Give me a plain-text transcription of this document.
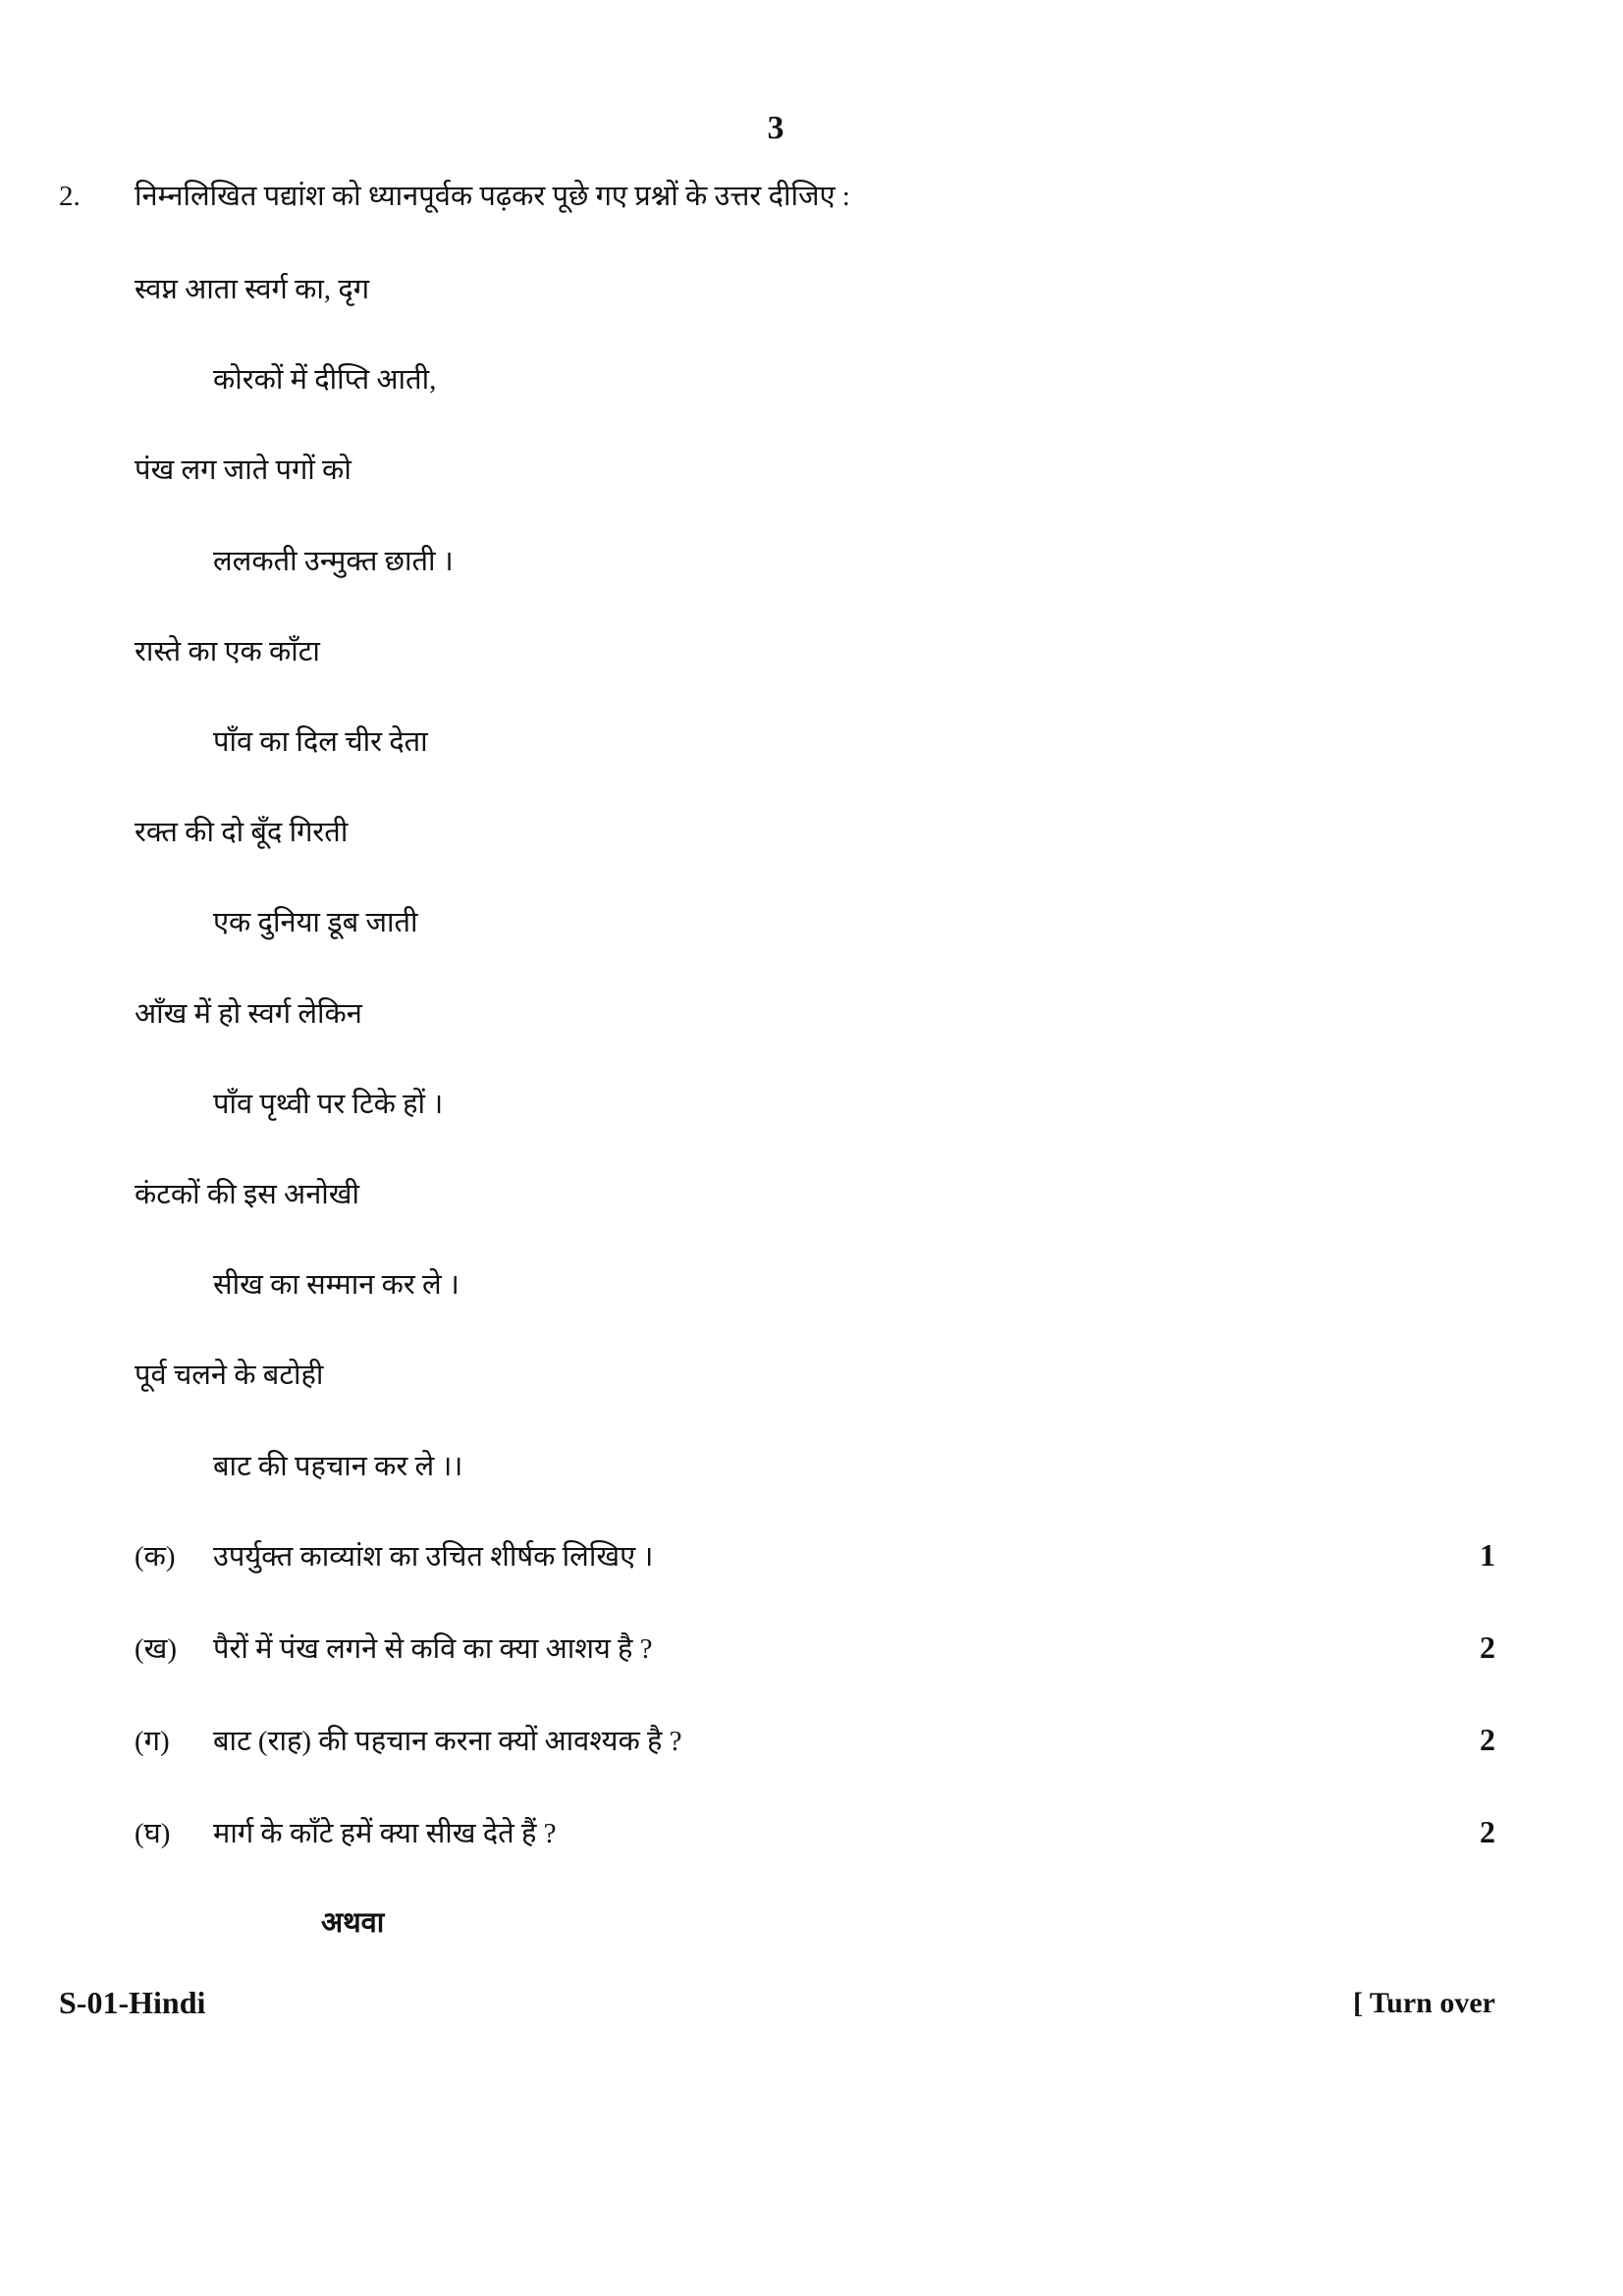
3
2. निम्नलिखित पद्यांश को ध्यानपूर्वक पढ़कर पूछे गए प्रश्नों के उत्तर दीजिए :
स्वप्न आता स्वर्ग का, दृग
कोरकों में दीप्ति आती,
पंख लग जाते पगों को
ललकती उन्मुक्त छाती ।
रास्ते का एक काँटा
पाँव का दिल चीर देता
रक्त की दो बूँद गिरती
एक दुनिया डूब जाती
आँख में हो स्वर्ग लेकिन
पाँव पृथ्वी पर टिके हों ।
कंटकों की इस अनोखी
सीख का सम्मान कर ले ।
पूर्व चलने के बटोही
बाट की पहचान कर ले ।।
(क) उपर्युक्त काव्यांश का उचित शीर्षक लिखिए ।	1
(ख) पैरों में पंख लगने से कवि का क्या आशय है ?	2
(ग) बाट (राह) की पहचान करना क्यों आवश्यक है ?	2
(घ) मार्ग के काँटे हमें क्या सीख देते हैं ?	2
अथवा
S-01-Hindi	[ Turn over
